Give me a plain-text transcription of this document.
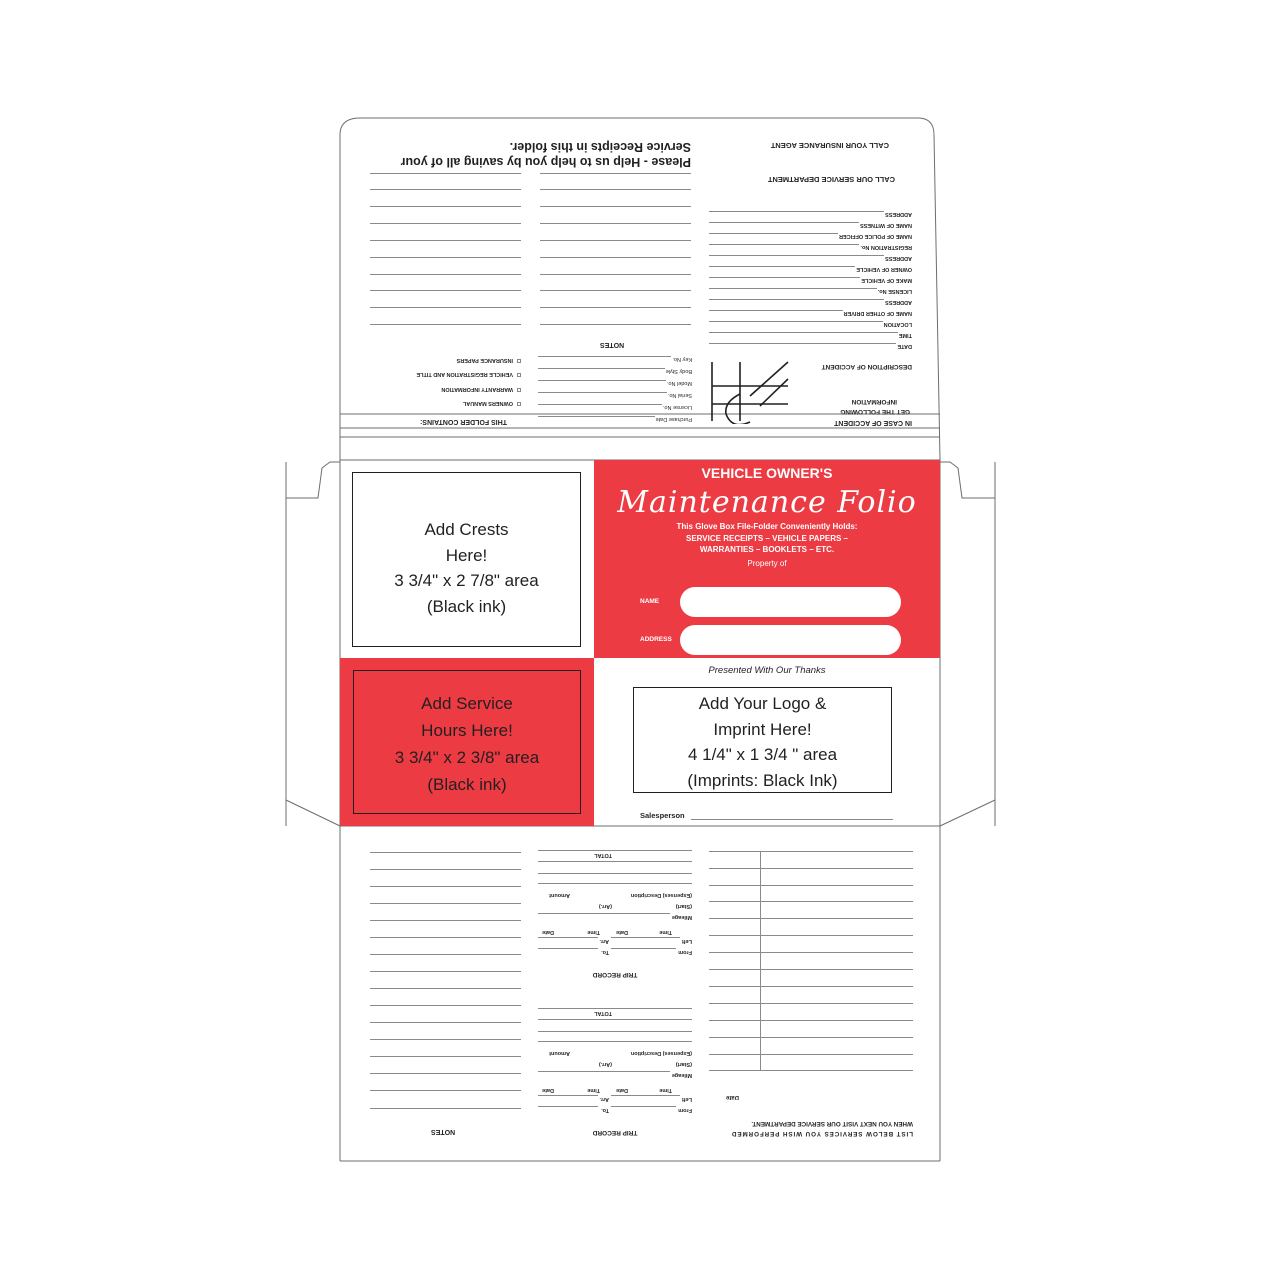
IN CASE OF ACCIDENT
GET THE FOLLOWING
INFORMATION
DESCRIPTION OF ACCIDENT
DATE
TIME
LOCATION
NAME OF OTHER DRIVER
ADDRESS
LICENSE No.
MAKE OF VEHICLE
OWNER OF VEHICLE
ADDRESS
REGISTRATION No.
NAME OF POLICE OFFICER
NAME OF WITNESS
ADDRESS
CALL OUR SERVICE DEPARTMENT
CALL YOUR INSURANCE AGENT
Please - Help us to help you by saving all of your
Service Receipts in this folder.
NOTES
Purchase Date
License No.
Serial No.
Model No.
Body Style
Key No.
THIS FOLDER CONTAINS:
OWNERS MANUAL
WARRANTY INFORMATION
VEHICLE REGISTRATION AND TITLE
INSURANCE PAPERS
Add Crests
Here!
3 3/4" x 2 7/8" area
(Black ink)
VEHICLE OWNER'S
Maintenance Folio
This Glove Box File-Folder Conveniently Holds:
SERVICE RECEIPTS – VEHICLE PAPERS –
WARRANTIES – BOOKLETS – ETC.
Property of
NAME
ADDRESS
Add Service
Hours Here!
3 3/4" x 2 3/8" area
(Black ink)
Presented With Our Thanks
Add Your Logo &
Imprint Here!
4 1/4" x 1 3/4 " area
(Imprints: Black Ink)
Salesperson
NOTES
TRIP RECORD
From
To.
Left
Arr.
Time
Date
Time
Date
Mileage
(Start)
(Arr.)
(Expenses) Description
Amount
TOTAL
TRIP RECORD
From
To.
Left
Arr.
Time
Date
Time
Date
Mileage
(Start)
(Arr.)
(Expenses) Description
Amount
TOTAL
Date
LIST BELOW SERVICES YOU WISH PERFORMED
WHEN YOU NEXT VISIT OUR SERVICE DEPARTMENT.
